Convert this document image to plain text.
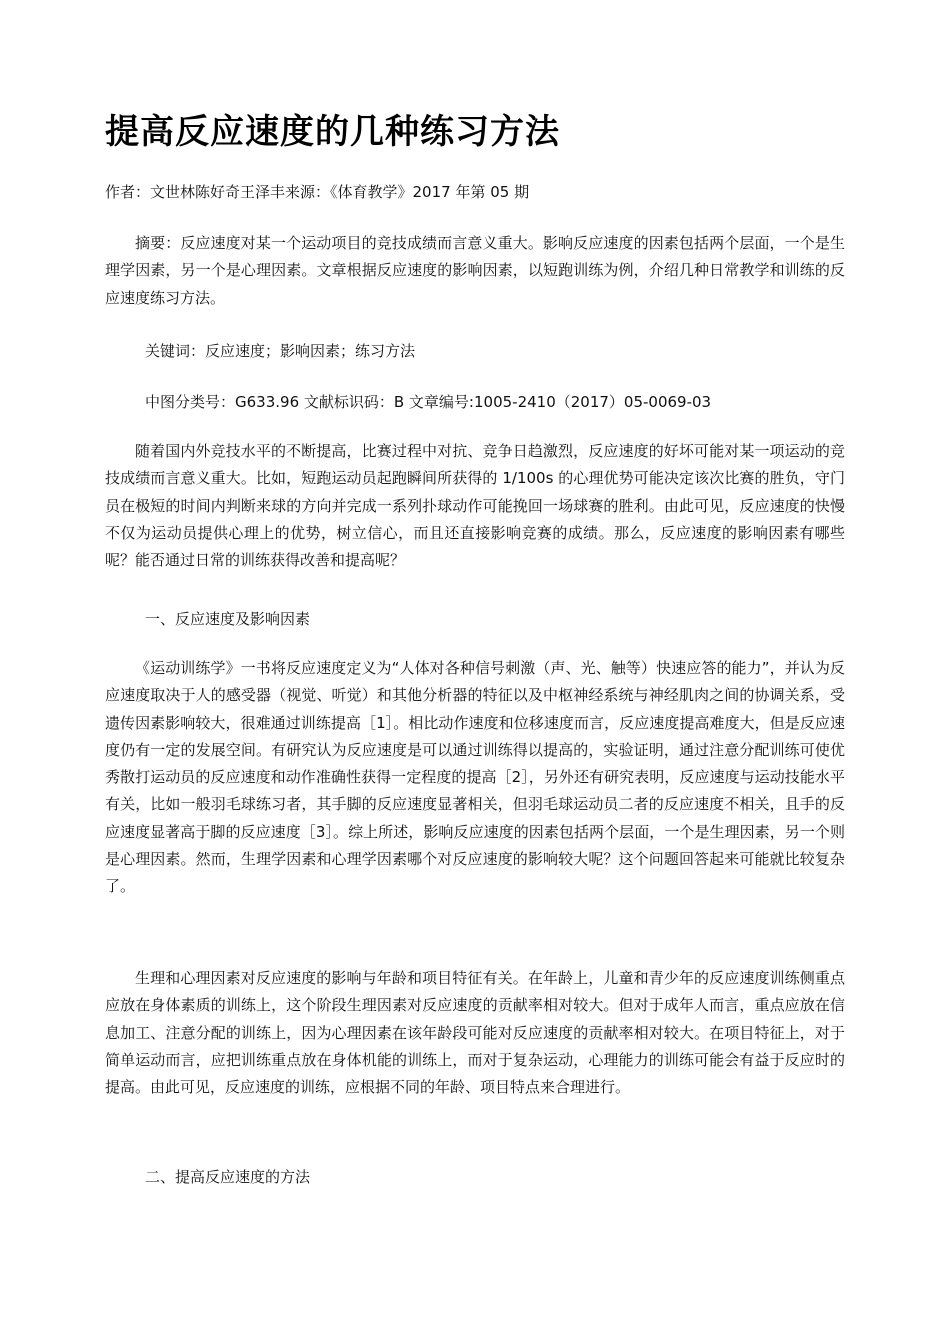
提高反应速度的几种练习方法
作者：文世林陈好奇王泽丰来源：《体育教学》2017 年第 05 期

摘要：反应速度对某一个运动项目的竞技成绩而言意义重大。影响反应速度的因素包括两个层面，一个是生理学因素，另一个是心理因素。文章根据反应速度的影响因素，以短跑训练为例，介绍几种日常教学和训练的反应速度练习方法。

关键词：反应速度；影响因素；练习方法
中图分类号：G633.96 文献标识码：B 文章编号:1005-2410（2017）05-0069-03

随着国内外竞技水平的不断提高，比赛过程中对抗、竞争日趋激烈，反应速度的好坏可能对某一项运动的竞技成绩而言意义重大。比如，短跑运动员起跑瞬间所获得的 1/100s 的心理优势可能决定该次比赛的胜负，守门员在极短的时间内判断来球的方向并完成一系列扑球动作可能挽回一场球赛的胜利。由此可见，反应速度的快慢不仅为运动员提供心理上的优势，树立信心，而且还直接影响竞赛的成绩。那么，反应速度的影响因素有哪些呢？能否通过日常的训练获得改善和提高呢？

一、反应速度及影响因素

《运动训练学》一书将反应速度定义为“人体对各种信号刺激（声、光、触等）快速应答的能力”，并认为反应速度取决于人的感受器（视觉、听觉）和其他分析器的特征以及中枢神经系统与神经肌肉之间的协调关系，受遗传因素影响较大，很难通过训练提高［1］。相比动作速度和位移速度而言，反应速度提高难度大，但是反应速度仍有一定的发展空间。有研究认为反应速度是可以通过训练得以提高的，实验证明，通过注意分配训练可使优秀散打运动员的反应速度和动作准确性获得一定程度的提高［2］，另外还有研究表明，反应速度与运动技能水平有关，比如一般羽毛球练习者，其手脚的反应速度显著相关，但羽毛球运动员二者的反应速度不相关，且手的反应速度显著高于脚的反应速度［3］。综上所述，影响反应速度的因素包括两个层面，一个是生理因素，另一个则是心理因素。然而，生理学因素和心理学因素哪个对反应速度的影响较大呢？这个问题回答起来可能就比较复杂了。

生理和心理因素对反应速度的影响与年龄和项目特征有关。在年龄上，儿童和青少年的反应速度训练侧重点应放在身体素质的训练上，这个阶段生理因素对反应速度的贡献率相对较大。但对于成年人而言，重点应放在信息加工、注意分配的训练上，因为心理因素在该年龄段可能对反应速度的贡献率相对较大。在项目特征上，对于简单运动而言，应把训练重点放在身体机能的训练上，而对于复杂运动，心理能力的训练可能会有益于反应时的提高。由此可见，反应速度的训练，应根据不同的年龄、项目特点来合理进行。

二、提高反应速度的方法
